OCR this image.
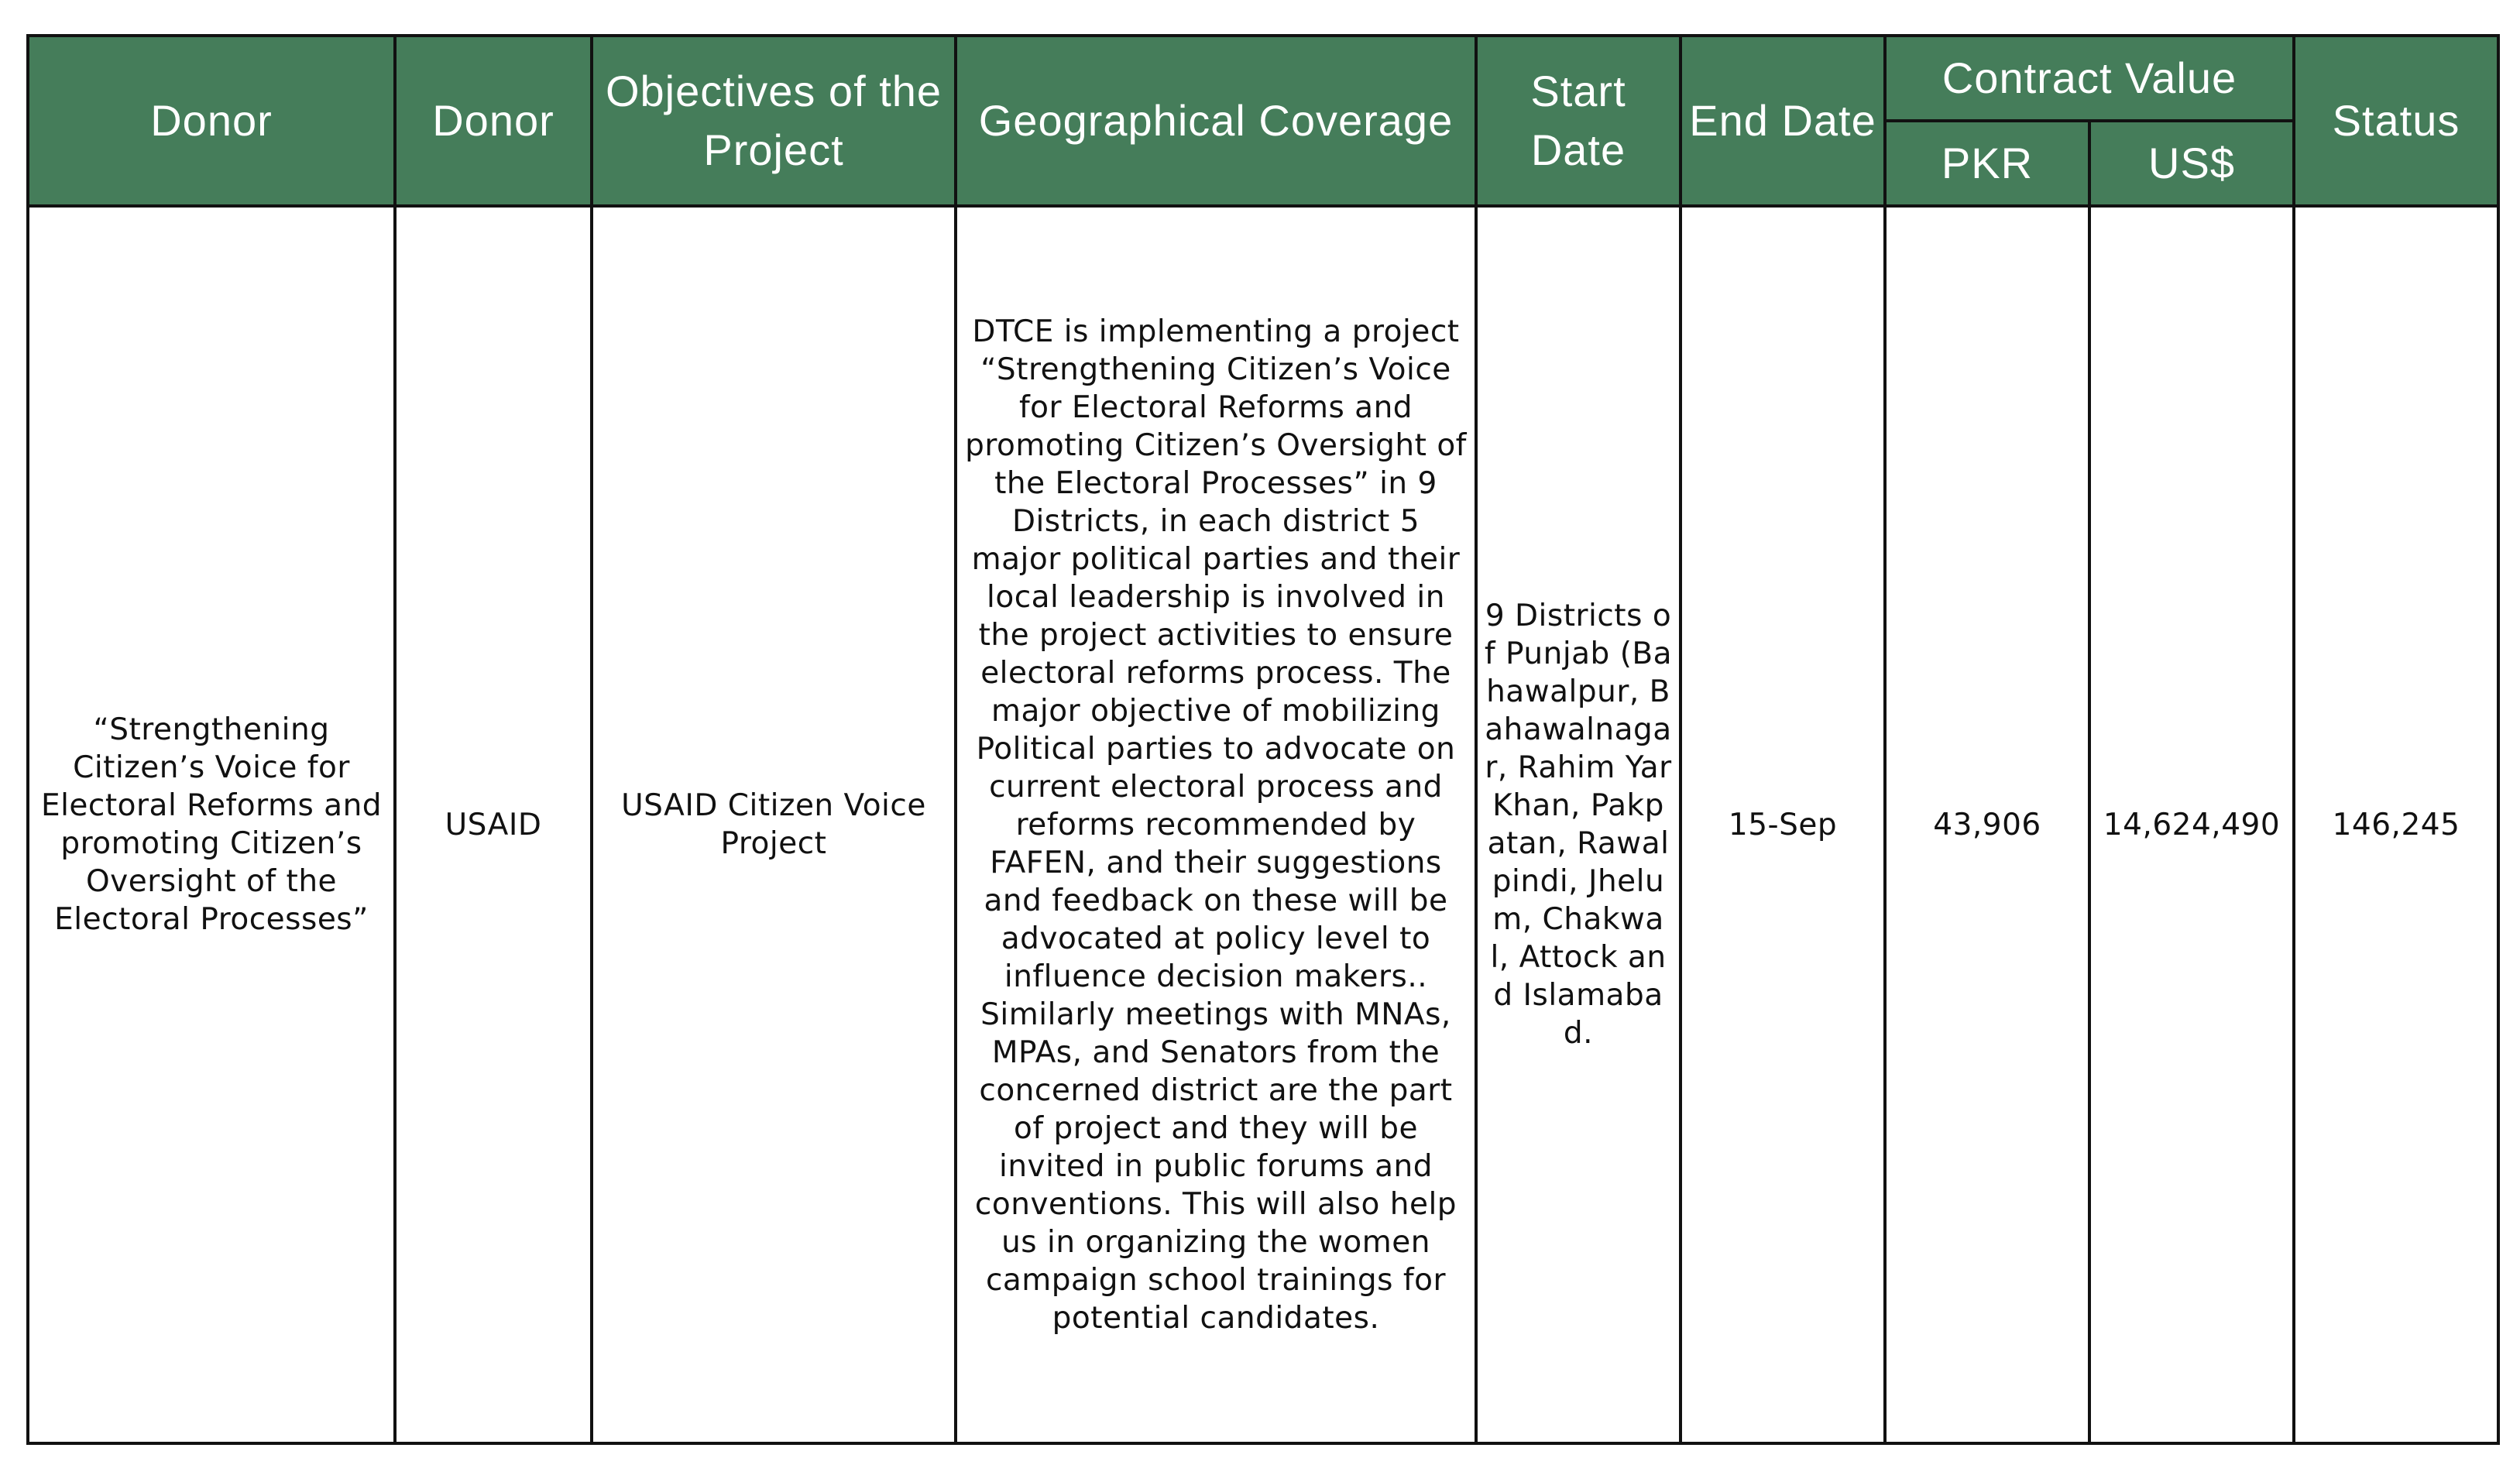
Donor	Donor	Objectives of the Project	Geographical Coverage	Start Date	End Date	Contract Value		Status
						PKR	US$	
“Strengthening Citizen’s Voice for Electoral Reforms and promoting Citizen’s Oversight of the Electoral Processes”	USAID	USAID Citizen Voice Project	DTCE is implementing a project “Strengthening Citizen’s Voice for Electoral Reforms and promoting Citizen’s Oversight of the Electoral Processes” in 9 Districts, in each district 5 major political parties and their local leadership is involved in the project activities to ensure electoral reforms process. The major objective of mobilizing Political parties to advocate on current electoral process and reforms recommended by FAFEN, and their suggestions and feedback on these will be advocated at policy level to influence decision makers.. Similarly meetings with MNAs, MPAs, and Senators from the concerned district are the part of project and they will be invited in public forums and conventions. This will also help us in organizing the women campaign school trainings for potential candidates.	9 Districts of Punjab (Bahawalpur, Bahawalnagar, Rahim Yar Khan, Pakpatan, Rawalpindi, Jhelum, Chakwal, Attock and Islamabad.	15-Sep	43,906	14,624,490	146,245
